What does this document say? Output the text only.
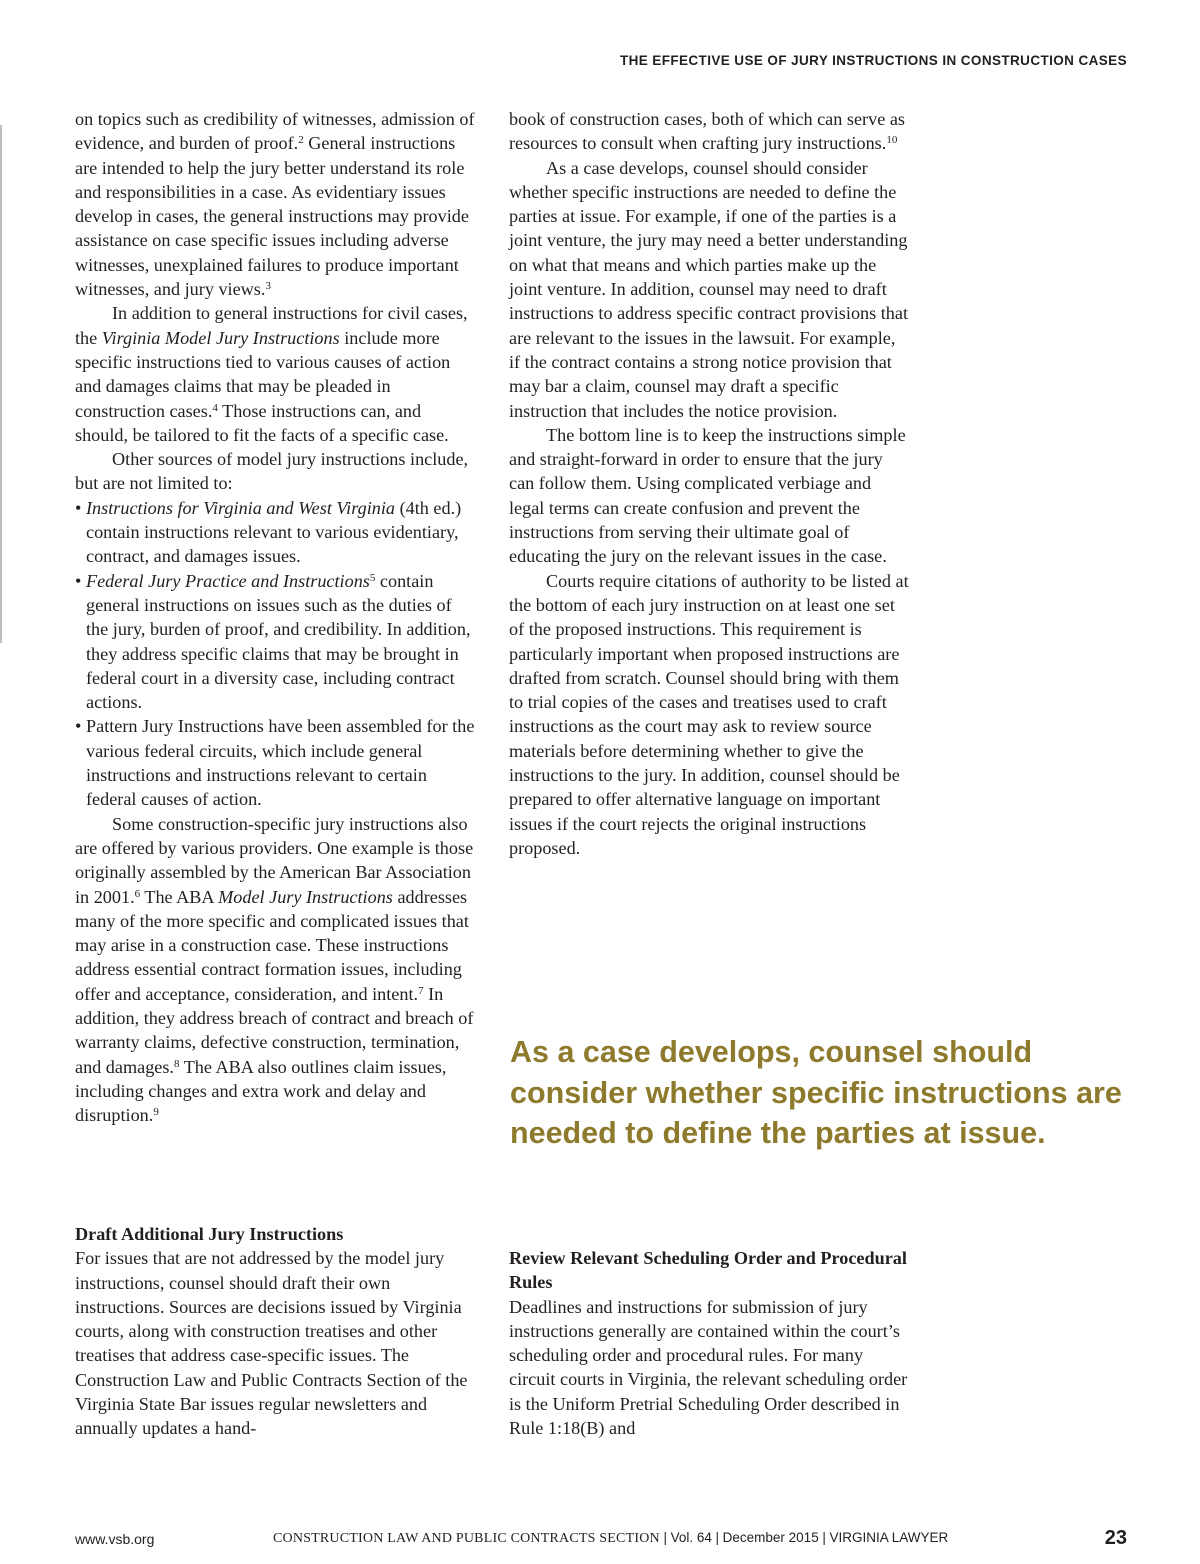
THE EFFECTIVE USE OF JURY INSTRUCTIONS IN CONSTRUCTION CASES

on topics such as credibility of witnesses, admission of evidence, and burden of proof.$^2$ General instructions are intended to help the jury better understand its role and responsibilities in a case. As evidentiary issues develop in cases, the general instructions may provide assistance on case specific issues including adverse witnesses, unexplained failures to produce important witnesses, and jury views.$^3$

In addition to general instructions for civil cases, the Virginia Model Jury Instructions include more specific instructions tied to various causes of action and damages claims that may be pleaded in construction cases.$^4$ Those instructions can, and should, be tailored to fit the facts of a specific case.

Other sources of model jury instructions include, but are not limited to:

• Instructions for Virginia and West Virginia (4th ed.) contain instructions relevant to various evidentiary, contract, and damages issues.

• Federal Jury Practice and Instructions$^5$ contain general instructions on issues such as the duties of the jury, burden of proof, and credibility. In addition, they address specific claims that may be brought in federal court in a diversity case, including contract actions.

• Pattern Jury Instructions have been assembled for the various federal circuits, which include general instructions and instructions relevant to certain federal causes of action.

Some construction-specific jury instructions also are offered by various providers. One example is those originally assembled by the American Bar Association in 2001.$^6$ The ABA Model Jury Instructions addresses many of the more specific and complicated issues that may arise in a construction case. These instructions address essential contract formation issues, including offer and acceptance, consideration, and intent.$^7$ In addition, they address breach of contract and breach of warranty claims, defective construction, termination, and damages.$^8$ The ABA also outlines claim issues, including changes and extra work and delay and disruption.$^9$

Draft Additional Jury Instructions

For issues that are not addressed by the model jury instructions, counsel should draft their own instructions. Sources are decisions issued by Virginia courts, along with construction treatises and other treatises that address case-specific issues. The Construction Law and Public Contracts Section of the Virginia State Bar issues regular newsletters and annually updates a hand-

book of construction cases, both of which can serve as resources to consult when crafting jury instructions.$^{10}$

As a case develops, counsel should consider whether specific instructions are needed to define the parties at issue. For example, if one of the parties is a joint venture, the jury may need a better understanding on what that means and which parties make up the joint venture. In addition, counsel may need to draft instructions to address specific contract provisions that are relevant to the issues in the lawsuit. For example, if the contract contains a strong notice provision that may bar a claim, counsel may draft a specific instruction that includes the notice provision.

The bottom line is to keep the instructions simple and straight-forward in order to ensure that the jury can follow them. Using complicated verbiage and legal terms can create confusion and prevent the instructions from serving their ultimate goal of educating the jury on the relevant issues in the case.

Courts require citations of authority to be listed at the bottom of each jury instruction on at least one set of the proposed instructions. This requirement is particularly important when proposed instructions are drafted from scratch. Counsel should bring with them to trial copies of the cases and treatises used to craft instructions as the court may ask to review source materials before determining whether to give the instructions to the jury. In addition, counsel should be prepared to offer alternative language on important issues if the court rejects the original instructions proposed.

As a case develops, counsel should consider whether specific instructions are needed to define the parties at issue.

Review Relevant Scheduling Order and Procedural Rules

Deadlines and instructions for submission of jury instructions generally are contained within the court’s scheduling order and procedural rules. For many circuit courts in Virginia, the relevant scheduling order is the Uniform Pretrial Scheduling Order described in Rule 1:18(B) and

www.vsb.org	CONSTRUCTION LAW AND PUBLIC CONTRACTS SECTION | Vol. 64 | December 2015 | VIRGINIA LAWYER	23
